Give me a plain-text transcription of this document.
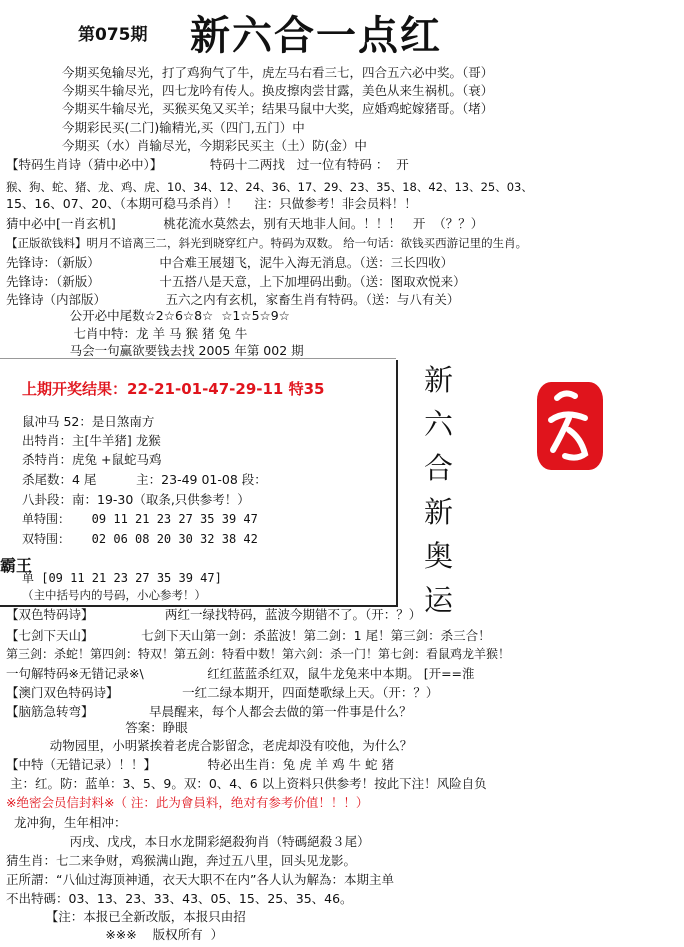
第075期 新六合一点红
今期买兔输尽光，打了鸡狗气了牛，虎左马右看三七，四合五六必中奖。（哥）
今期买牛输尽光，四七龙吟有传人。换皮擦肉尝甘露，美色从来生祸机。（衰）
今期买牛输尽光，买猴买兔又买羊；结果马鼠中大奖，应婚鸡蛇嫁猪哥。（堵）
今期彩民买(二门)输精光,买（四门,五门）中
今期买（水）肖输尽光，今期彩民买主（土）防(金）中
【特码生肖诗（猜中必中）】            特码十二两找   过一位有特码 ：  开
猴、狗、蛇、猪、龙、鸡、虎、10、34、12、24、36、17、29、23、35、18、42、13、25、03、
15、16、07、20、（本期可稳马杀肖）！    注：只做参考！非会员料！！
猜中必中[一肖玄机]            桃花流水莫然去，别有天地非人间。！！！   开  （？？）
【正版欲钱料】明月不谙离三二，斜光到晓穿红户。特码为双数。 给一句话：欲钱买西游记里的生肖。
先锋诗：（新版）               中合难王展翅飞，泥牛入海无消息。（送：三长四收）
先锋诗：（新版）               十五搭八是天意，上下加埋码出動。（送：图取欢悦来）
先锋诗（内部版）               五六之内有玄机，家畜生肖有特码。（送：与八有关）
公开必中尾数☆2☆6☆8☆  ☆1☆5☆9☆
七肖中特：龙 羊 马 猴 猪 兔 牛
马会一句赢欲要钱去找 2005 年第 002 期
上期开奖结果：22-21-01-47-29-11 特35
鼠冲马 52：是日煞南方
出特肖：主[牛羊猪] 龙猴
杀特肖：虎兔 +鼠蛇马鸡
杀尾数：4 尾          主：23-49 01-08 段：
八卦段：南：19-30（取条,只供参考！）
单特围：   09 11 21 23 27 35 39 47
双特围：   02 06 08 20 30 32 38 42
霸王
单 [09 11 21 23 27 35 39 47]
（主中括号内的号码，小心参考！）
新
六
合
新
奥
运
【双色特码诗】                  两红一绿找特码，蓝波今期错不了。（开：？）
【七剑下天山】            七剑下天山第一剑：杀蓝波！第二剑：1 尾！第三剑：杀三合！
第三剑：杀蛇！第四剑：特双！第五剑：特看中数！第六剑：杀一门！第七剑：看鼠鸡龙羊猴！
一句解特码※无错记录※\                红红蓝蓝杀红双，鼠牛龙兔来中本期。 [开==淮
【澳门双色特码诗】                一红二绿本期开，四面楚歌绿上天。（开：？）
【脑筋急转弯】              早晨醒来，每个人都会去做的第一件事是什么？
答案：睁眼
动物园里，小明紧挨着老虎合影留念，老虎却没有咬他，为什么？
【中特（无错记录）！！】             特必出生肖：兔 虎 羊 鸡 牛 蛇 猪
主：红。防：蓝单：3、5、9。双：0、4、6 以上资料只供参考！按此下注！风险自负
※绝密会员信封料※（ 注：此为會員料，绝对有参考价值！！！）
龙冲狗，生年相冲：
丙戌、戊戌，本日水龙開彩絕殺狗肖（特碼絕殺３尾）
猜生肖：七二来争财，鸡猴满山跑，奔过五八里，回头见龙影。
正所謂：“八仙过海顶神通，衣天大职不在内”各人认为解為：本期主单
不出特碼：03、13、23、33、43、05、15、25、35、46。
【注：本报已全新改版，本报只由招
※※※    版权所有  ）
